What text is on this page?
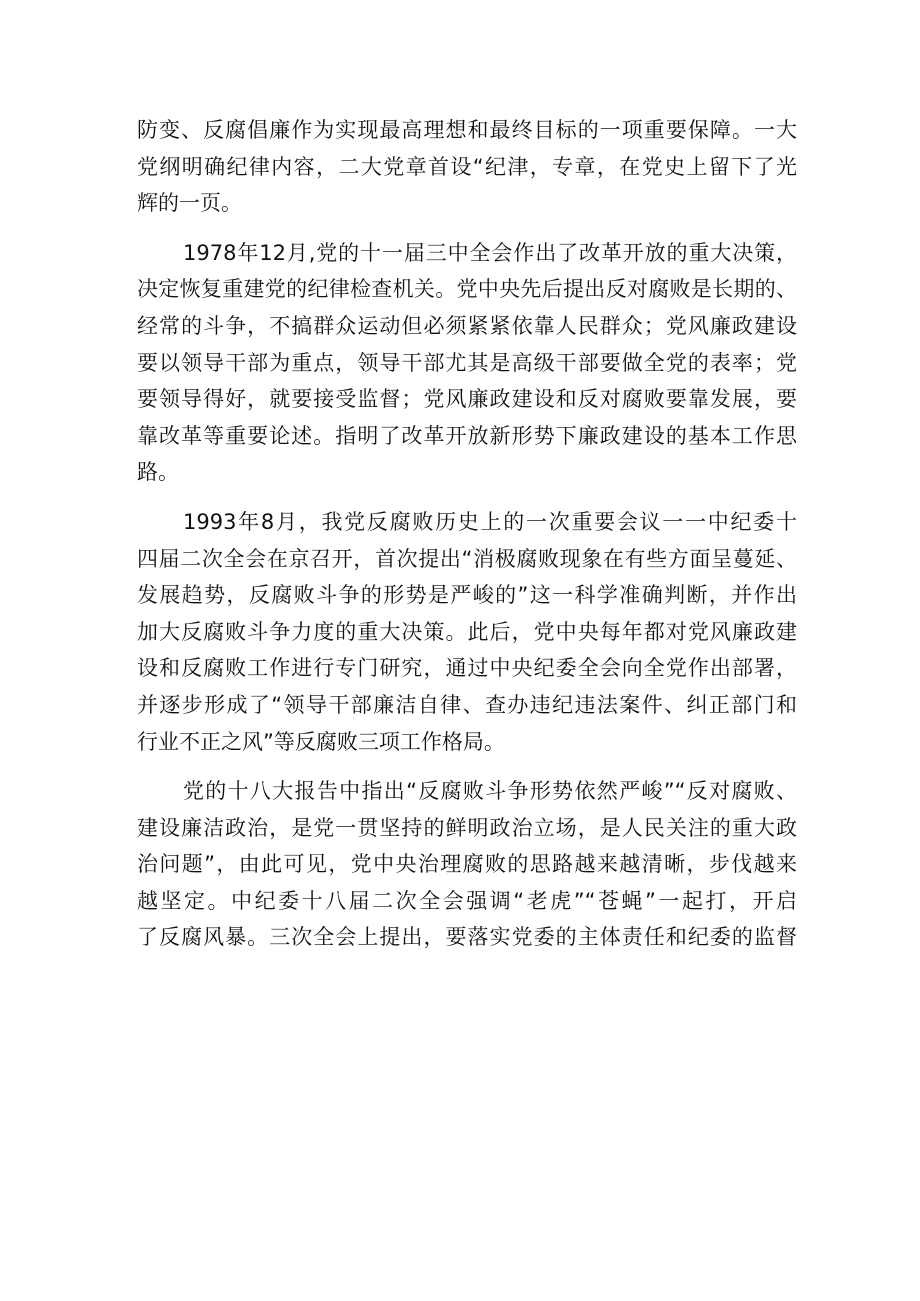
防变、反腐倡廉作为实现最高理想和最终目标的一项重要保障。一大
党纲明确纪律内容，二大党章首设“纪津，专章，在党史上留下了光
辉的一页。
1978年12月,党的十一届三中全会作出了改革开放的重大决策，
决定恢复重建党的纪律检查机关。党中央先后提出反对腐败是长期的、
经常的斗争，不搞群众运动但必须紧紧依靠人民群众；党风廉政建设
要以领导干部为重点，领导干部尤其是高级干部要做全党的表率；党
要领导得好，就要接受监督；党风廉政建设和反对腐败要靠发展，要
靠改革等重要论述。指明了改革开放新形势下廉政建设的基本工作思
路。
1993年8月，我党反腐败历史上的一次重要会议一一中纪委十
四届二次全会在京召开，首次提出“消极腐败现象在有些方面呈蔓延、
发展趋势，反腐败斗争的形势是严峻的”这一科学准确判断，并作出
加大反腐败斗争力度的重大决策。此后，党中央每年都对党风廉政建
设和反腐败工作进行专门研究，通过中央纪委全会向全党作出部署，
并逐步形成了“领导干部廉洁自律、查办违纪违法案件、纠正部门和
行业不正之风”等反腐败三项工作格局。
党的十八大报告中指出“反腐败斗争形势依然严峻”“反对腐败、
建设廉洁政治，是党一贯坚持的鲜明政治立场，是人民关注的重大政
治问题”，由此可见，党中央治理腐败的思路越来越清晰，步伐越来
越坚定。中纪委十八届二次全会强调“老虎”“苍蝇”一起打，开启
了反腐风暴。三次全会上提出，要落实党委的主体责任和纪委的监督
